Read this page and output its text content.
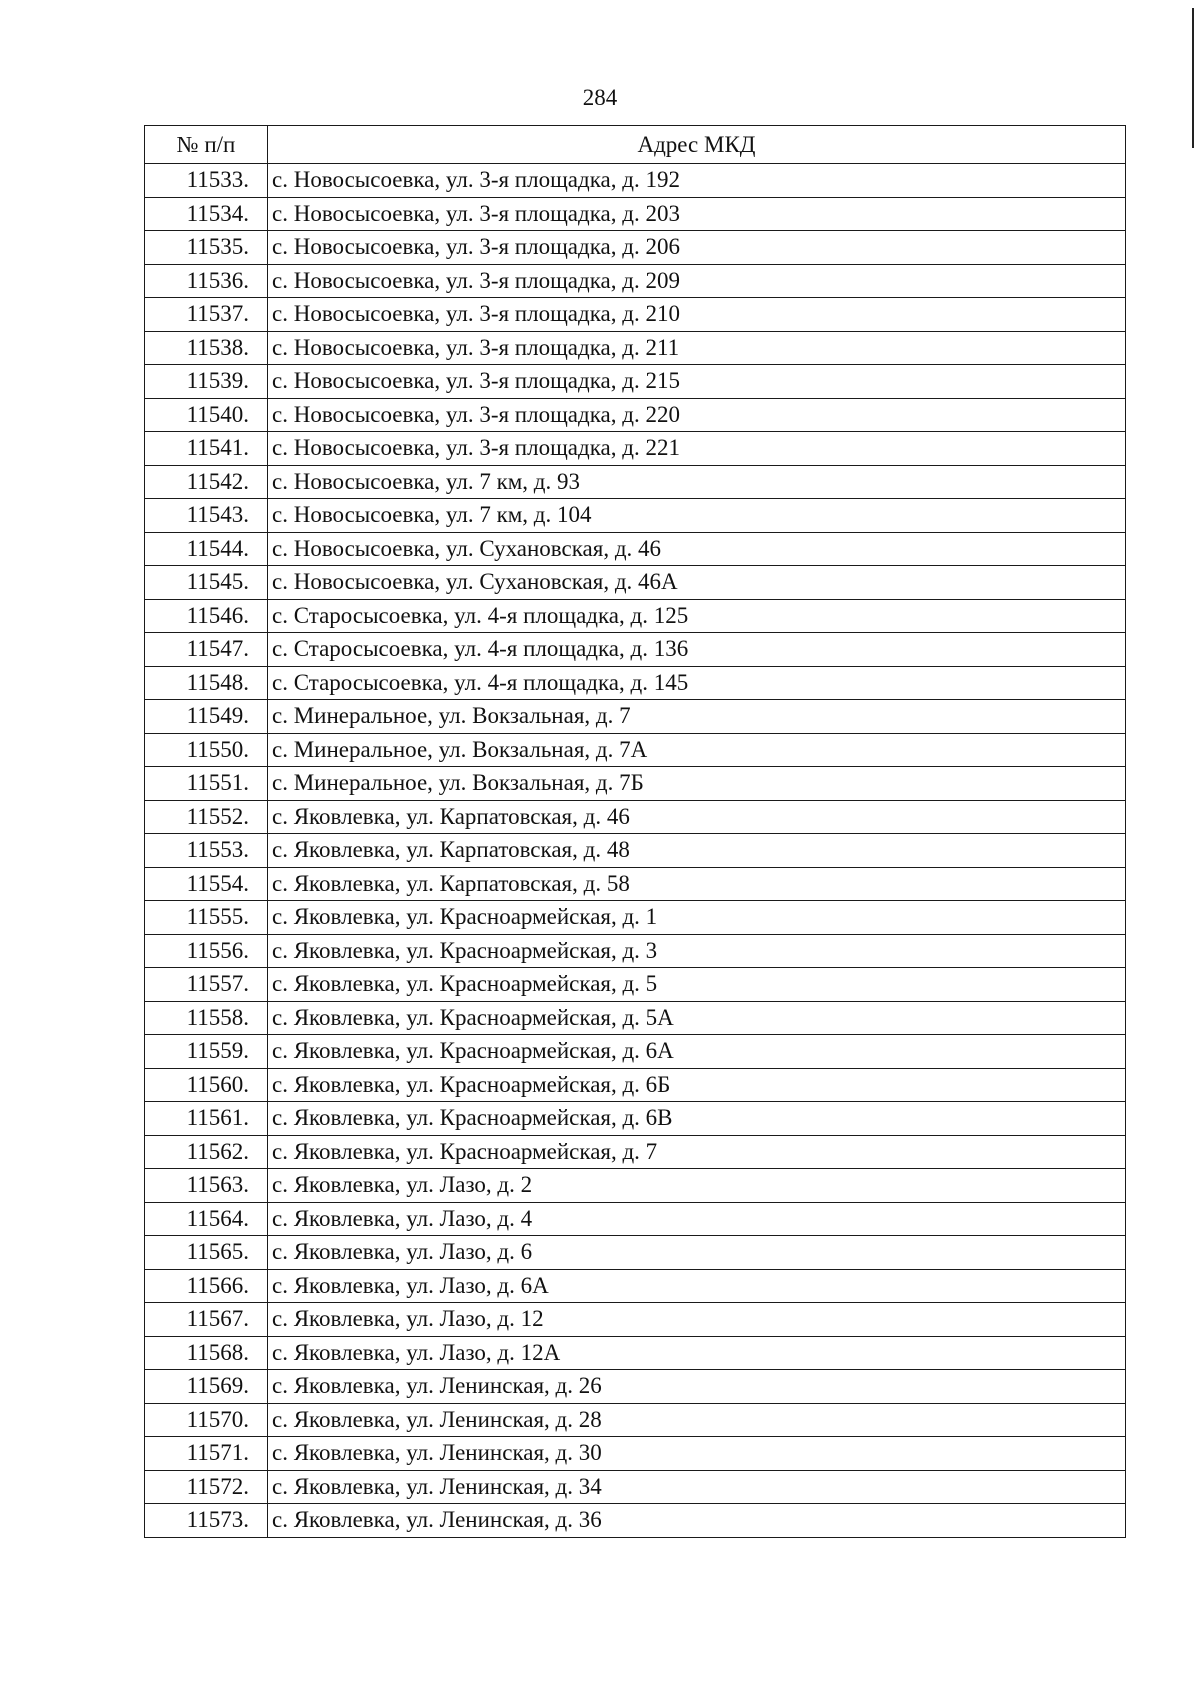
284
№ п/п	Адрес МКД
11533.	с. Новосысоевка, ул. 3-я площадка, д. 192
11534.	с. Новосысоевка, ул. 3-я площадка, д. 203
11535.	с. Новосысоевка, ул. 3-я площадка, д. 206
11536.	с. Новосысоевка, ул. 3-я площадка, д. 209
11537.	с. Новосысоевка, ул. 3-я площадка, д. 210
11538.	с. Новосысоевка, ул. 3-я площадка, д. 211
11539.	с. Новосысоевка, ул. 3-я площадка, д. 215
11540.	с. Новосысоевка, ул. 3-я площадка, д. 220
11541.	с. Новосысоевка, ул. 3-я площадка, д. 221
11542.	с. Новосысоевка, ул. 7 км, д. 93
11543.	с. Новосысоевка, ул. 7 км, д. 104
11544.	с. Новосысоевка, ул. Сухановская, д. 46
11545.	с. Новосысоевка, ул. Сухановская, д. 46А
11546.	с. Старосысоевка, ул. 4-я площадка, д. 125
11547.	с. Старосысоевка, ул. 4-я площадка, д. 136
11548.	с. Старосысоевка, ул. 4-я площадка, д. 145
11549.	с. Минеральное, ул. Вокзальная, д. 7
11550.	с. Минеральное, ул. Вокзальная, д. 7А
11551.	с. Минеральное, ул. Вокзальная, д. 7Б
11552.	с. Яковлевка, ул. Карпатовская, д. 46
11553.	с. Яковлевка, ул. Карпатовская, д. 48
11554.	с. Яковлевка, ул. Карпатовская, д. 58
11555.	с. Яковлевка, ул. Красноармейская, д. 1
11556.	с. Яковлевка, ул. Красноармейская, д. 3
11557.	с. Яковлевка, ул. Красноармейская, д. 5
11558.	с. Яковлевка, ул. Красноармейская, д. 5А
11559.	с. Яковлевка, ул. Красноармейская, д. 6А
11560.	с. Яковлевка, ул. Красноармейская, д. 6Б
11561.	с. Яковлевка, ул. Красноармейская, д. 6В
11562.	с. Яковлевка, ул. Красноармейская, д. 7
11563.	с. Яковлевка, ул. Лазо, д. 2
11564.	с. Яковлевка, ул. Лазо, д. 4
11565.	с. Яковлевка, ул. Лазо, д. 6
11566.	с. Яковлевка, ул. Лазо, д. 6А
11567.	с. Яковлевка, ул. Лазо, д. 12
11568.	с. Яковлевка, ул. Лазо, д. 12А
11569.	с. Яковлевка, ул. Ленинская, д. 26
11570.	с. Яковлевка, ул. Ленинская, д. 28
11571.	с. Яковлевка, ул. Ленинская, д. 30
11572.	с. Яковлевка, ул. Ленинская, д. 34
11573.	с. Яковлевка, ул. Ленинская, д. 36
